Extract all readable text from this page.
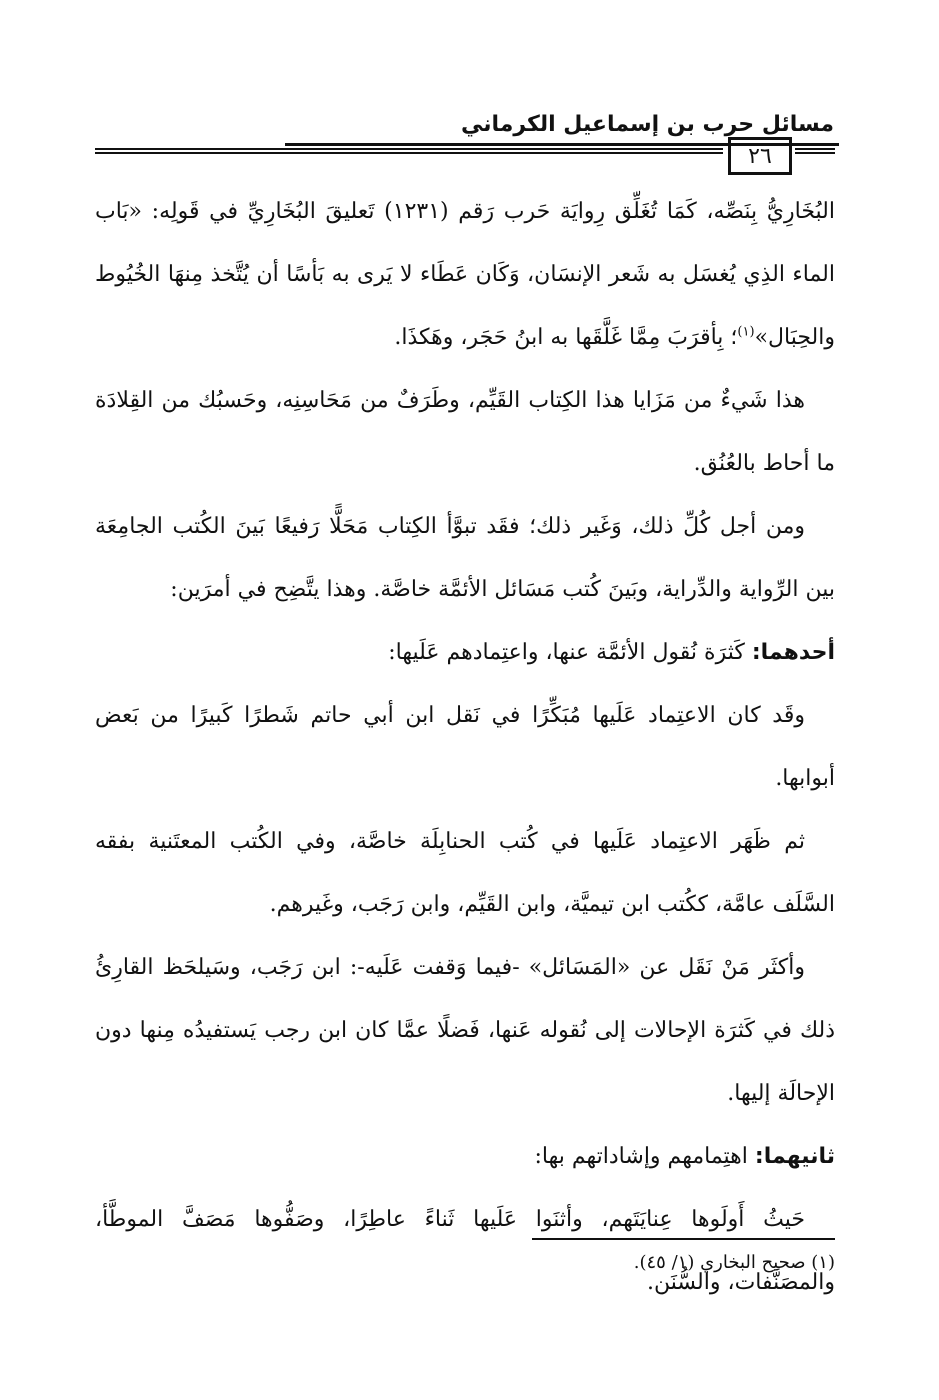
مسائل حرب بن إسماعيل الكرماني
٢٦

البُخَارِيُّ بِنَصِّه، كَمَا تُغَلِّق رِوايَة حَرب رَقم (١٢٣١) تَعليقَ البُخَارِيِّ في قَولِه: «بَاب الماء الذِي يُغسَل به شَعر الإنسَان، وَكَان عَطَاء لا يَرى به بَأسًا أن يُتَّخذ مِنهَا الخُيُوط والحِبَال»$^{(١)}$؛ بِأقرَبَ مِمَّا غَلَّقَها به ابنُ حَجَر، وهَكذَا.

هذا شَيءٌ من مَزَايا هذا الكِتاب القَيِّم، وطَرَفٌ من مَحَاسِنِه، وحَسبُك من القِلادَة ما أحاط بالعُنُق.

ومن أجل كُلِّ ذلك، وَغَير ذلك؛ فقَد تبوَّأ الكِتاب مَحَلًّا رَفيعًا بَينَ الكُتب الجامِعَة بين الرِّواية والدِّراية، وبَينَ كُتب مَسَائل الأئمَّة خاصَّة. وهذا يتَّضِح في أمرَين:

أحدهما: كَثرَة نُقول الأئمَّة عنها، واعتِمادهم عَلَيها:

وقَد كان الاعتِماد عَلَيها مُبَكِّرًا في نَقل ابن أبي حاتم شَطرًا كَبيرًا من بَعض أبوابها.

ثم ظَهَر الاعتِماد عَلَيها في كُتب الحنابِلَة خاصَّة، وفي الكُتب المعتَنية بفقه السَّلَف عامَّة، ككُتب ابن تيميَّة، وابن القَيِّم، وابن رَجَب، وغَيرهم.

وأكثَر مَنْ نَقَل عن «المَسَائل» -فيما وَقفت عَلَيه-: ابن رَجَب، وسَيلحَظ القارِئُ ذلك في كَثرَة الإحالات إلى نُقوله عَنها، فَضلًا عمَّا كان ابن رجب يَستفيدُه مِنها دون الإحالَة إليها.

ثانيهما: اهتِمامهم وإشاداتهم بها:

حَيثُ أَولَوها عِنايَتَهم، وأثنَوا عَلَيها ثَناءً عاطِرًا، وصَفُّوها مَصَفَّ الموطَّأ، والمصَنَّفات، والسُّنَن.

(١) صحيح البخاري (١/ ٤٥).
